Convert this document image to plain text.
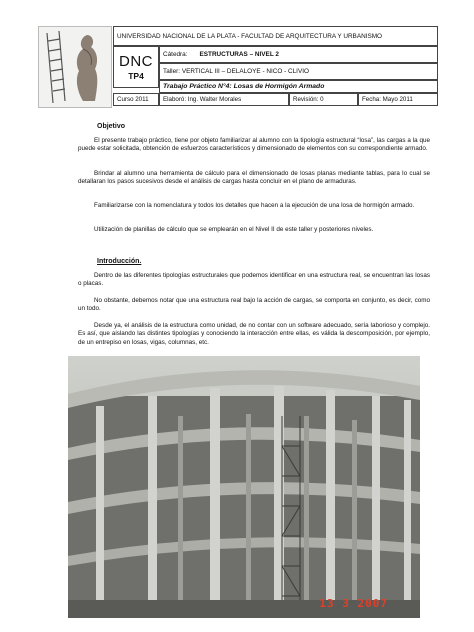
UNIVERSIDAD NACIONAL DE LA PLATA - FACULTAD DE ARQUITECTURA Y URBANISMO
DNC
TP4
Cátedra: ESTRUCTURAS – NIVEL 2
Taller: VERTICAL III – DELALOYE - NICO - CLIVIO
Trabajo Práctico N°4: Losas de Hormigón Armado
Curso 2011 Elaboró: Ing. Walter Morales	Revisión: 0	Fecha: Mayo 2011
Objetivo
El presente trabajo práctico, tiene por objeto familiarizar al alumno con la tipología estructural “losa”, las cargas a la que puede estar solicitada, obtención de esfuerzos característicos y dimensionado de elementos con su correspondiente armado.
Brindar al alumno una herramienta de cálculo para el dimensionado de losas planas mediante tablas, para lo cual se detallaran los pasos sucesivos desde el análisis de cargas hasta concluir en el plano de armaduras.
Familiarizarse con la nomenclatura y todos los detalles que hacen a la ejecución de una losa de hormigón armado.
Utilización de planillas de cálculo que se emplearán en el Nivel II de este taller y posteriores niveles.
Introducción.
Dentro de las diferentes tipologías estructurales que podemos identificar en una estructura real, se encuentran las losas o placas.
No obstante, debemos notar que una estructura real bajo la acción de cargas, se comporta en conjunto, es decir, como un todo.
Desde ya, el análisis de la estructura como unidad, de no contar con un software adecuado, sería laborioso y complejo. Es así, que aislando las distintes tipologías y conociendo la interacción entre ellas, es válida la descomposición, por ejemplo, de un entrepiso en losas, vigas, columnas, etc.
13 3 2007
